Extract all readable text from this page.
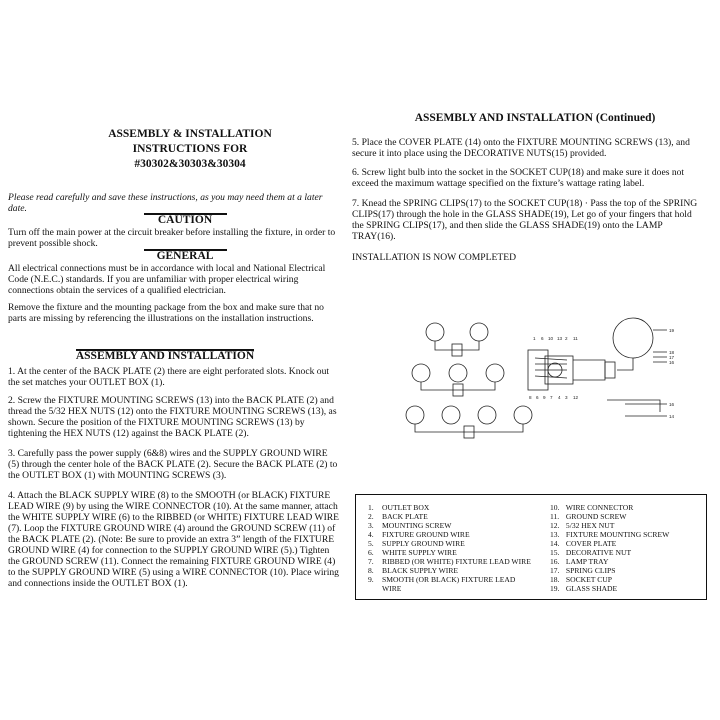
ASSEMBLY & INSTALLATION
INSTRUCTIONS FOR
#30302&30303&30304
Please read carefully and save these instructions, as you may need them at a later date.
CAUTION
Turn off the main power at the circuit breaker before installing the fixture, in order to prevent possible shock.
GENERAL
All electrical connections must be in accordance with local and National Electrical Code (N.E.C.) standards. If you are unfamiliar with proper electrical wiring connections obtain the services of a qualified electrician.
Remove the fixture and the mounting package from the box and make sure that no parts are missing by referencing the illustrations on the installation instructions.
ASSEMBLY AND INSTALLATION
1. At the center of the BACK PLATE (2) there are eight perforated slots. Knock out the set matches your OUTLET BOX (1).
2. Screw the FIXTURE MOUNTING SCREWS (13) into the BACK PLATE (2) and thread the 5/32 HEX NUTS (12) onto the FIXTURE MOUNTING SCREWS (13), as shown. Secure the position of the FIXTURE MOUNTING SCREWS (13) by tightening the HEX NUTS (12) against the BACK PLATE (2).
3. Carefully pass the power supply (6&8) wires and the SUPPLY GROUND WIRE (5) through the center hole of the BACK PLATE (2). Secure the BACK PLATE (2) to the OUTLET BOX (1) with MOUNTING SCREWS (3).
4. Attach the BLACK SUPPLY WIRE (8) to the SMOOTH (or BLACK) FIXTURE LEAD WIRE (9) by using the WIRE CONNECTOR (10). At the same manner, attach the WHITE SUPPLY WIRE (6) to the RIBBED (or WHITE) FIXTURE LEAD WIRE (7). Loop the FIXTURE GROUND WIRE (4) around the GROUND SCREW (11) of the BACK PLATE (2). (Note: Be sure to provide an extra 3” length of the FIXTURE GROUND WIRE (4) for connection to the SUPPLY GROUND WIRE (5).) Tighten the GROUND SCREW (11). Connect the remaining FIXTURE GROUND WIRE (4) to the SUPPLY GROUND WIRE (5) using a WIRE CONNECTOR (10). Place wiring and connections inside the OUTLET BOX (1).
ASSEMBLY AND INSTALLATION (Continued)
5. Place the COVER PLATE (14) onto the FIXTURE MOUNTING SCREWS (13), and secure it into place using the DECORATIVE NUTS(15) provided.
6. Screw light bulb into the socket in the SOCKET CUP(18) and make sure it does not exceed the maximum wattage specified on the fixture’s wattage rating label.
7. Knead the SPRING CLIPS(17) to the SOCKET CUP(18) · Pass the top of the SPRING CLIPS(17) through the hole in the GLASS SHADE(19), Let go of your fingers that hold the SPRING CLIPS(17), and then slide the GLASS SHADE(19) onto the LAMP TRAY(16).
INSTALLATION IS NOW COMPLETED
1 6 10 13 2 11
8 6 9 7 4 3 12
19
18
17
16
16
14
1. OUTLET BOX
2. BACK PLATE
3. MOUNTING SCREW
4. FIXTURE GROUND WIRE
5. SUPPLY GROUND WIRE
6. WHITE SUPPLY WIRE
7. RIBBED (OR WHITE) FIXTURE LEAD WIRE
8. BLACK SUPPLY WIRE
9. SMOOTH (OR BLACK) FIXTURE LEAD
WIRE
10. WIRE CONNECTOR
11. GROUND SCREW
12. 5/32 HEX NUT
13. FIXTURE MOUNTING SCREW
14. COVER PLATE
15. DECORATIVE NUT
16. LAMP TRAY
17. SPRING CLIPS
18. SOCKET CUP
19. GLASS SHADE
